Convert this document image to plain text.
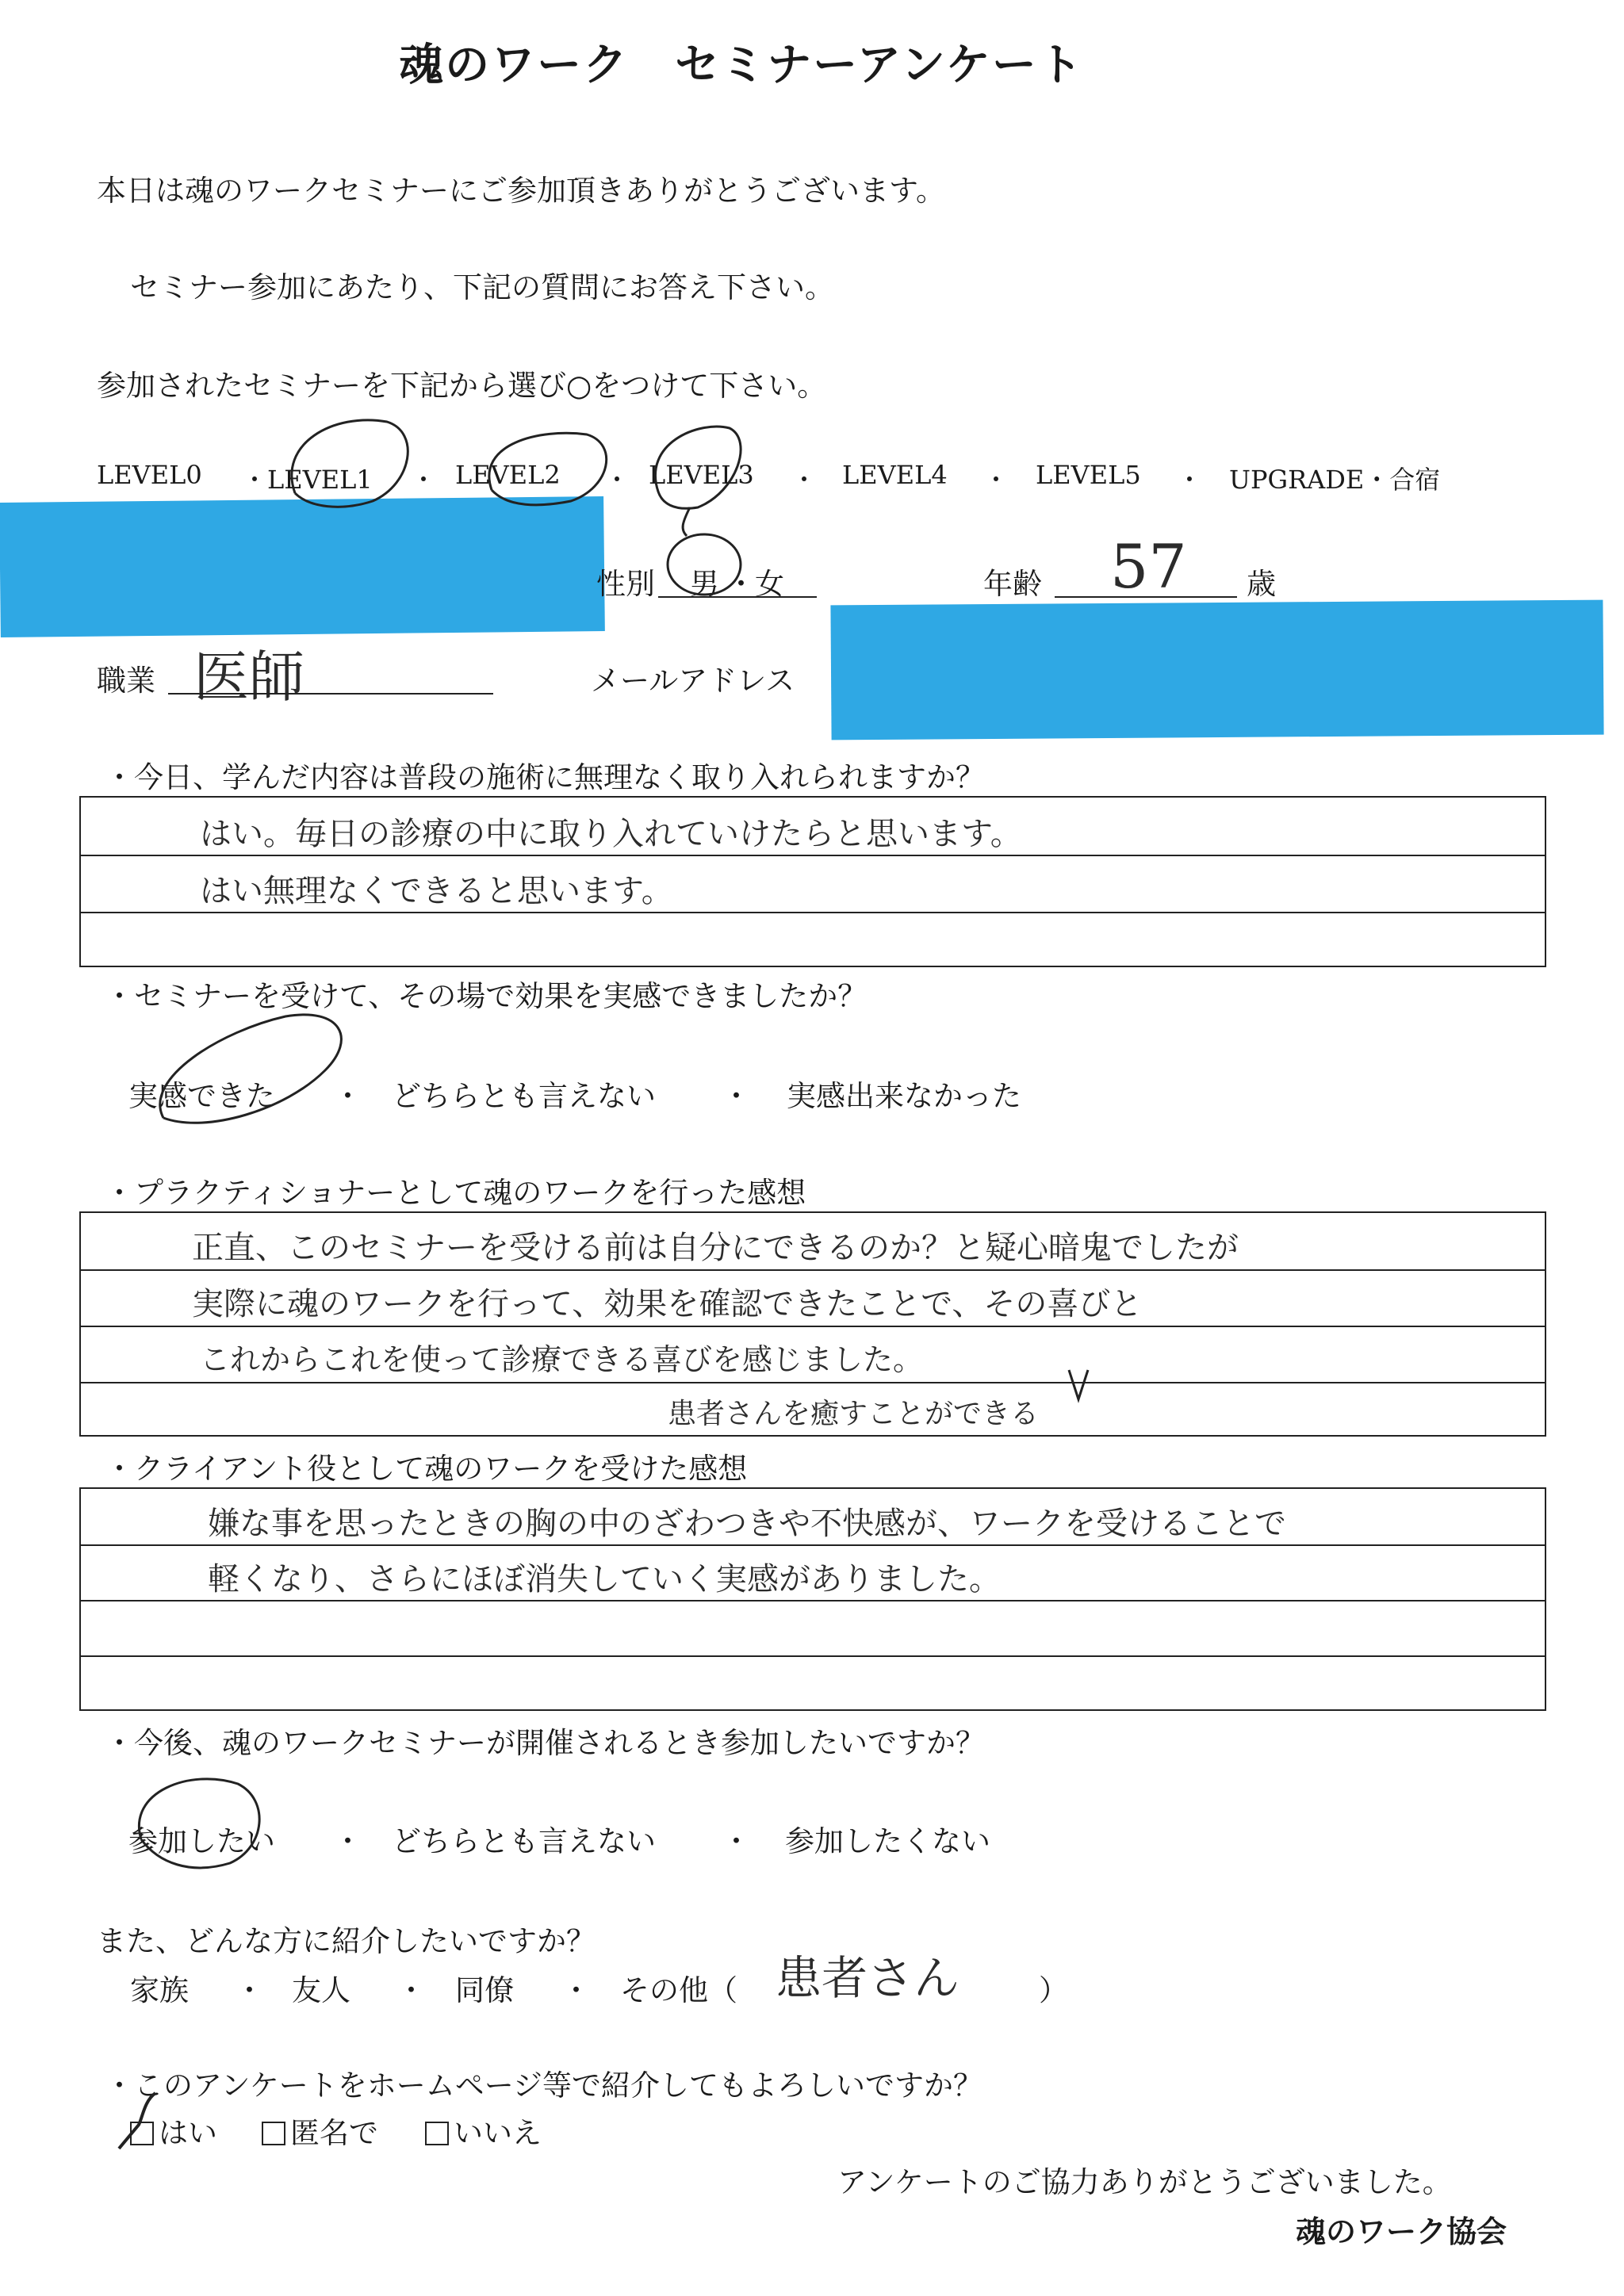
魂のワーク　セミナーアンケート
本日は魂のワークセミナーにご参加頂きありがとうございます。
セミナー参加にあたり、下記の質問にお答え下さい。
参加されたセミナーを下記から選び○をつけて下さい。
LEVEL0 ・LEVEL1 ・ LEVEL2 ・ LEVEL3 ・ LEVEL4 ・ LEVEL5 ・ UPGRADE・合宿
性別 男 ・ 女	年齢 57 歳
職業 医師	メールアドレス
・今日、学んだ内容は普段の施術に無理なく取り入れられますか？
はい。毎日の診療の中に取り入れていけたらと思います。
はい無理なくできると思います。
・セミナーを受けて、その場で効果を実感できましたか？
実感できた ・ どちらとも言えない ・ 実感出来なかった
・プラクティショナーとして魂のワークを行った感想
正直、このセミナーを受ける前は自分にできるのか？と疑心暗鬼でしたが
実際に魂のワークを行って、効果を確認できたことで、その喜びと
これからこれを使って診療できる喜びを感じました。
患者さんを癒すことができる
・クライアント役として魂のワークを受けた感想
嫌な事を思ったときの胸の中のざわつきや不快感が、ワークを受けることで
軽くなり、さらにほぼ消失していく実感がありました。
・今後、魂のワークセミナーが開催されるとき参加したいですか？
参加したい ・ どちらとも言えない ・ 参加したくない
また、どんな方に紹介したいですか？
家族 ・ 友人 ・ 同僚 ・ その他（ 患者さん	）
・このアンケートをホームページ等で紹介してもよろしいですか？
はい	匿名で	いいえ
アンケートのご協力ありがとうございました。
魂のワーク協会
